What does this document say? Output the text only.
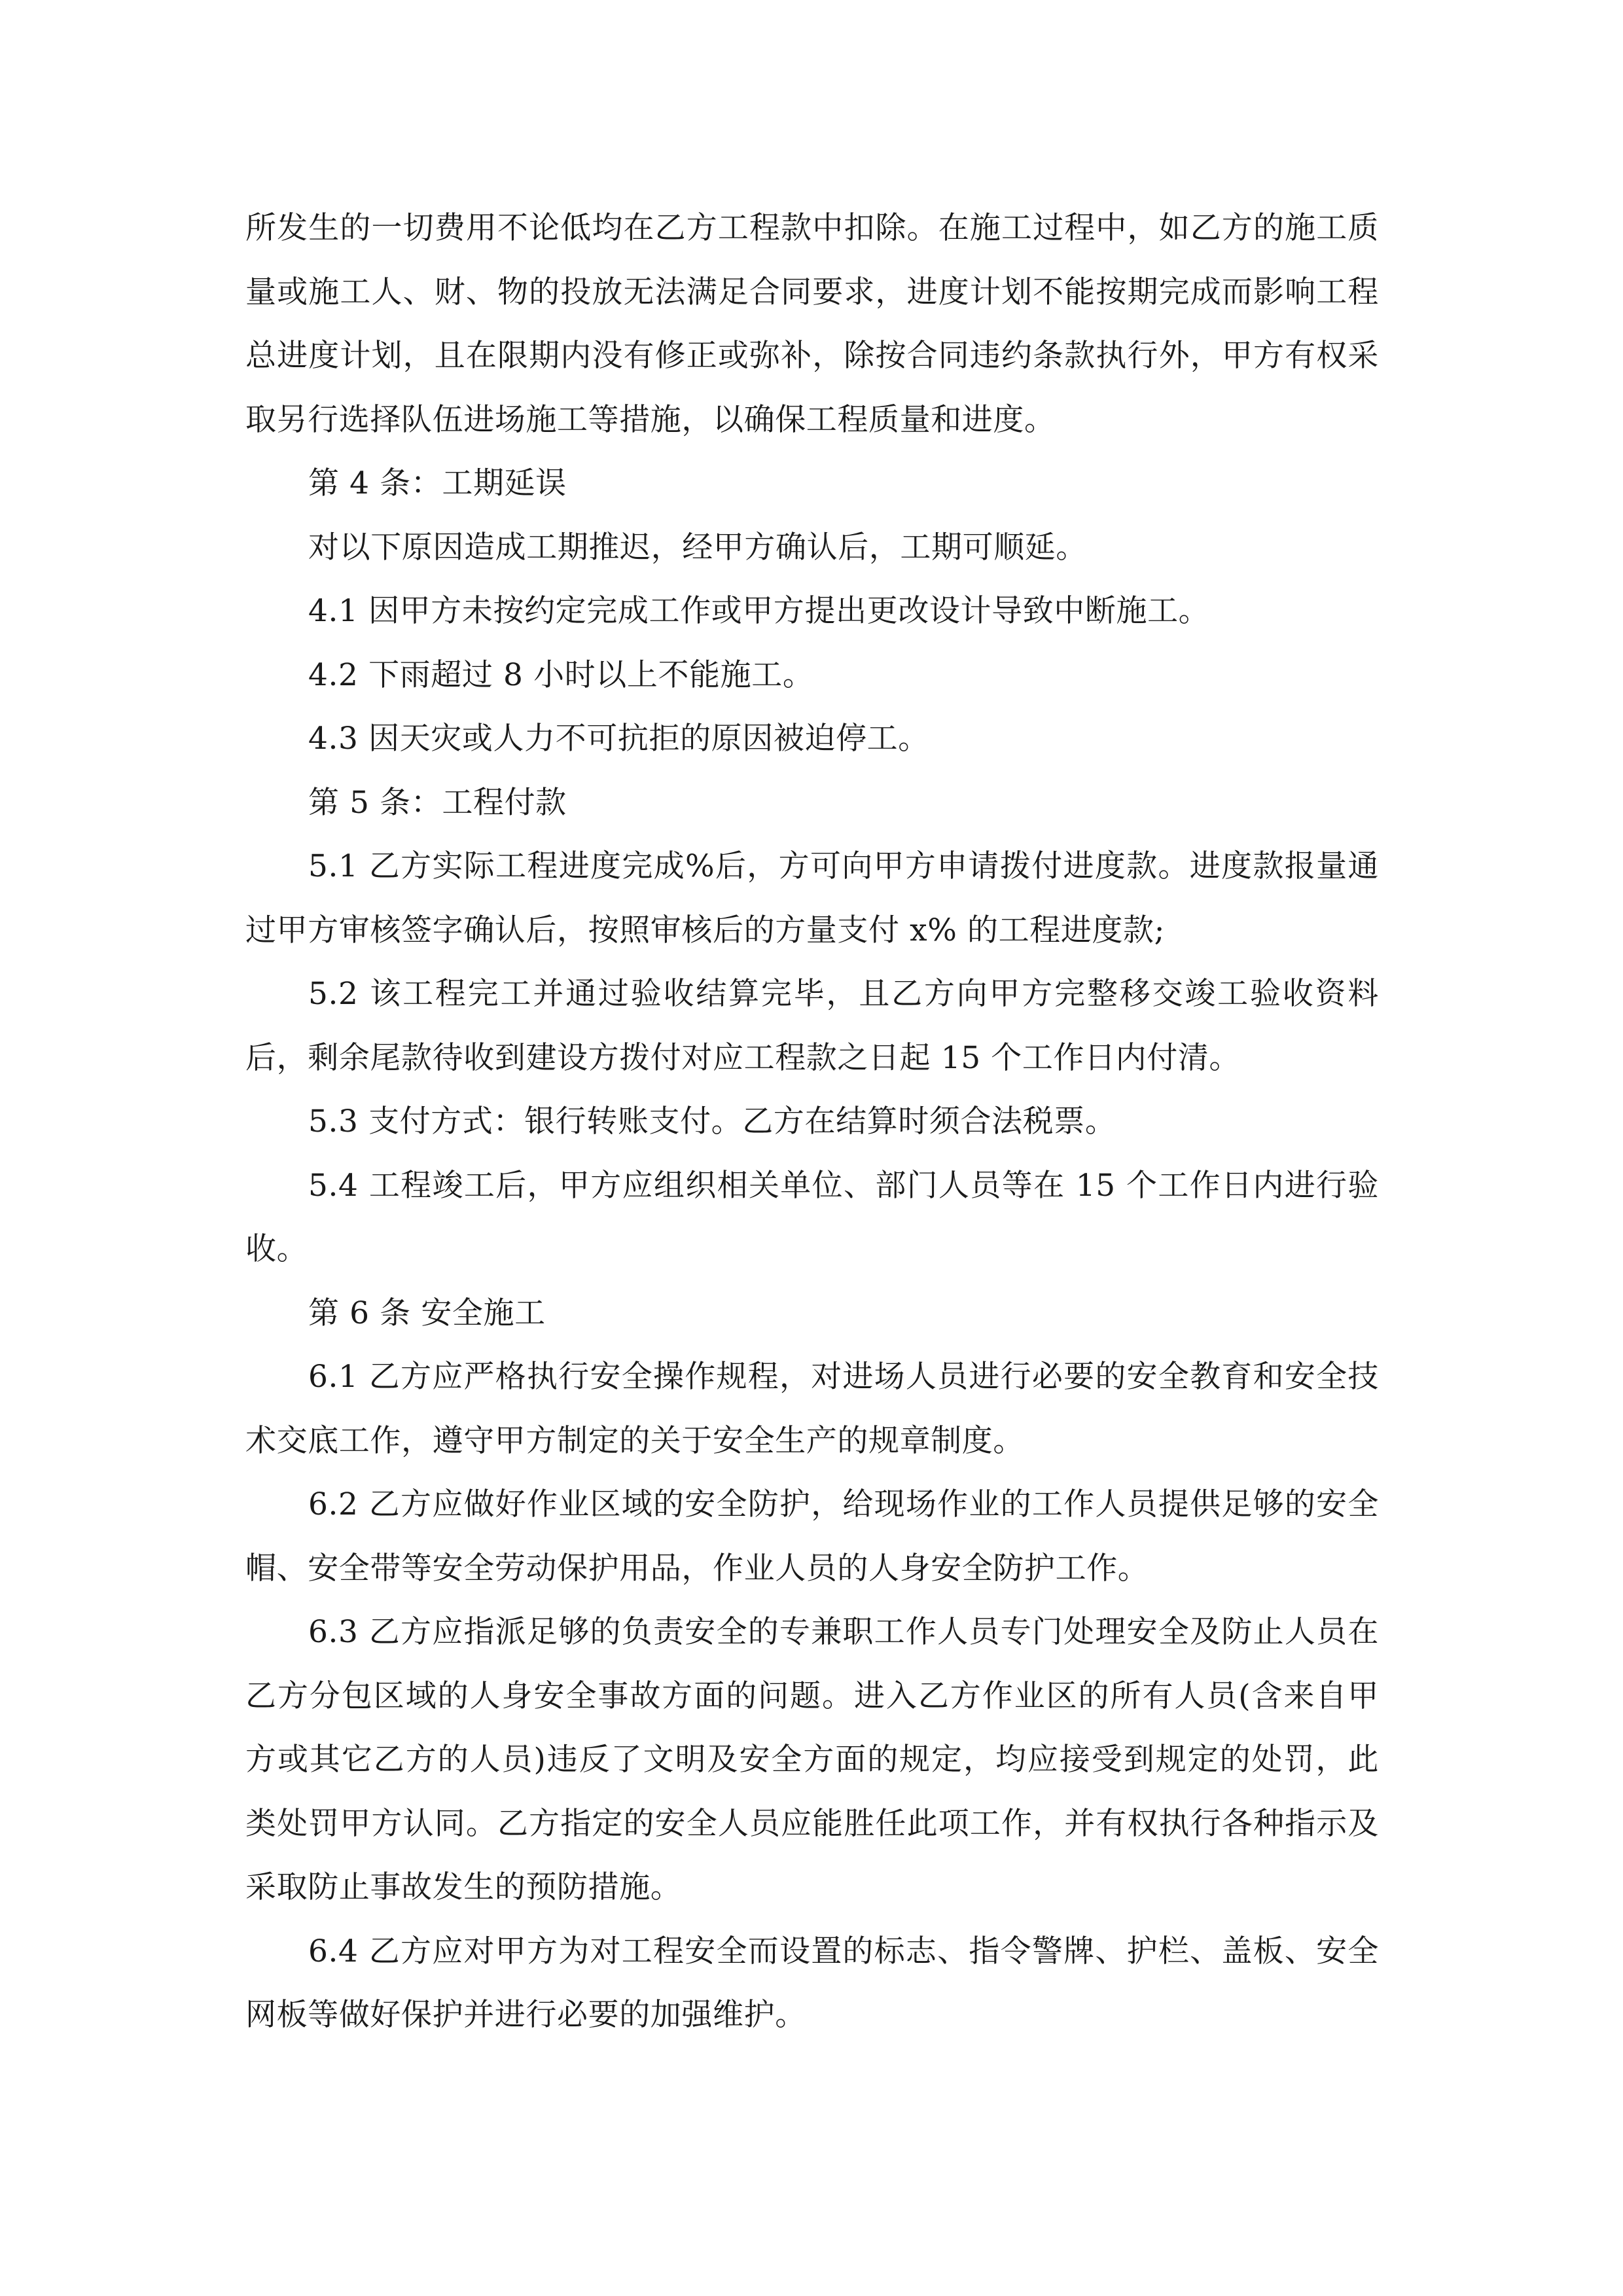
所发生的一切费用不论低均在乙方工程款中扣除。在施工过程中，如乙方的施工质量或施工人、财、物的投放无法满足合同要求，进度计划不能按期完成而影响工程总进度计划，且在限期内没有修正或弥补，除按合同违约条款执行外，甲方有权采取另行选择队伍进场施工等措施，以确保工程质量和进度。

第 4 条：工期延误

对以下原因造成工期推迟，经甲方确认后，工期可顺延。

4.1 因甲方未按约定完成工作或甲方提出更改设计导致中断施工。

4.2 下雨超过 8 小时以上不能施工。

4.3 因天灾或人力不可抗拒的原因被迫停工。

第 5 条：工程付款

5.1 乙方实际工程进度完成%后，方可向甲方申请拨付进度款。进度款报量通过甲方审核签字确认后，按照审核后的方量支付 x% 的工程进度款;

5.2 该工程完工并通过验收结算完毕，且乙方向甲方完整移交竣工验收资料后，剩余尾款待收到建设方拨付对应工程款之日起 15 个工作日内付清。

5.3 支付方式：银行转账支付。乙方在结算时须合法税票。

5.4 工程竣工后，甲方应组织相关单位、部门人员等在 15 个工作日内进行验收。

第 6 条 安全施工

6.1 乙方应严格执行安全操作规程，对进场人员进行必要的安全教育和安全技术交底工作，遵守甲方制定的关于安全生产的规章制度。

6.2 乙方应做好作业区域的安全防护，给现场作业的工作人员提供足够的安全帽、安全带等安全劳动保护用品，作业人员的人身安全防护工作。

6.3 乙方应指派足够的负责安全的专兼职工作人员专门处理安全及防止人员在乙方分包区域的人身安全事故方面的问题。进入乙方作业区的所有人员(含来自甲方或其它乙方的人员)违反了文明及安全方面的规定，均应接受到规定的处罚，此类处罚甲方认同。乙方指定的安全人员应能胜任此项工作，并有权执行各种指示及采取防止事故发生的预防措施。

6.4 乙方应对甲方为对工程安全而设置的标志、指令警牌、护栏、盖板、安全网板等做好保护并进行必要的加强维护。
